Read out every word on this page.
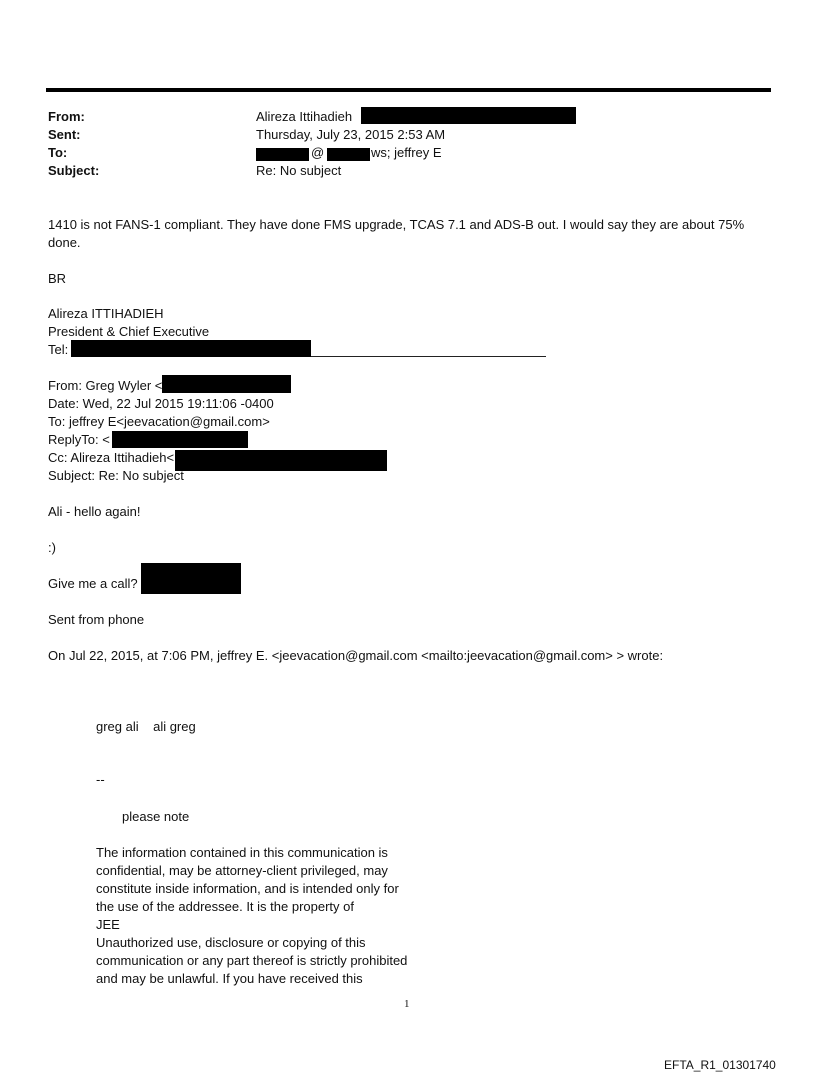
From:	Alireza Ittihadieh
Sent:	Thursday, July 23, 2015 2:53 AM
To:	@	ws; jeffrey E
Subject:	Re: No subject
1410 is not FANS-1 compliant. They have done FMS upgrade, TCAS 7.1 and ADS-B out. I would say they are about 75%
done.
BR
Alireza ITTIHADIEH
President & Chief Executive
Tel:
From: Greg Wyler <
Date: Wed, 22 Jul 2015 19:11:06 -0400
To: jeffrey E<jeevacation@gmail.com>
ReplyTo: <
Cc: Alireza Ittihadieh<
Subject: Re: No subject
Ali - hello again!
:)
Give me a call?
Sent from phone
On Jul 22, 2015, at 7:06 PM, jeffrey E. <jeevacation@gmail.com <mailto:jeevacation@gmail.com> > wrote:
greg ali    ali greg
--
please note
The information contained in this communication is
confidential, may be attorney-client privileged, may
constitute inside information, and is intended only for
the use of the addressee. It is the property of
JEE
Unauthorized use, disclosure or copying of this
communication or any part thereof is strictly prohibited
and may be unlawful. If you have received this
1
EFTA_R1_01301740
